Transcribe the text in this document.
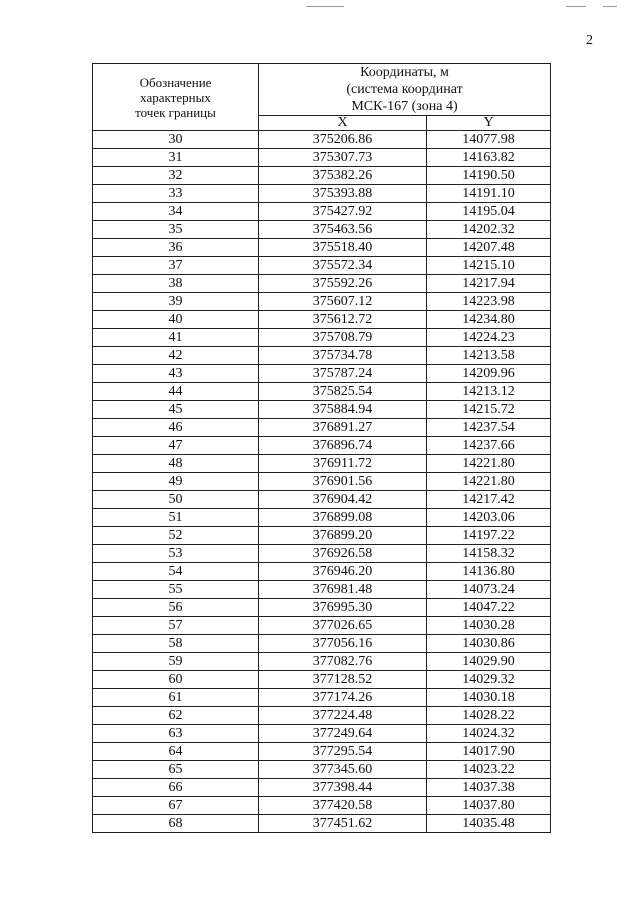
2
Обозначение
характерных
точек границы	Координаты, м
(система координат
МСК-167 (зона 4)	
	X	Y
30	375206.86	14077.98
31	375307.73	14163.82
32	375382.26	14190.50
33	375393.88	14191.10
34	375427.92	14195.04
35	375463.56	14202.32
36	375518.40	14207.48
37	375572.34	14215.10
38	375592.26	14217.94
39	375607.12	14223.98
40	375612.72	14234.80
41	375708.79	14224.23
42	375734.78	14213.58
43	375787.24	14209.96
44	375825.54	14213.12
45	375884.94	14215.72
46	376891.27	14237.54
47	376896.74	14237.66
48	376911.72	14221.80
49	376901.56	14221.80
50	376904.42	14217.42
51	376899.08	14203.06
52	376899.20	14197.22
53	376926.58	14158.32
54	376946.20	14136.80
55	376981.48	14073.24
56	376995.30	14047.22
57	377026.65	14030.28
58	377056.16	14030.86
59	377082.76	14029.90
60	377128.52	14029.32
61	377174.26	14030.18
62	377224.48	14028.22
63	377249.64	14024.32
64	377295.54	14017.90
65	377345.60	14023.22
66	377398.44	14037.38
67	377420.58	14037.80
68	377451.62	14035.48
